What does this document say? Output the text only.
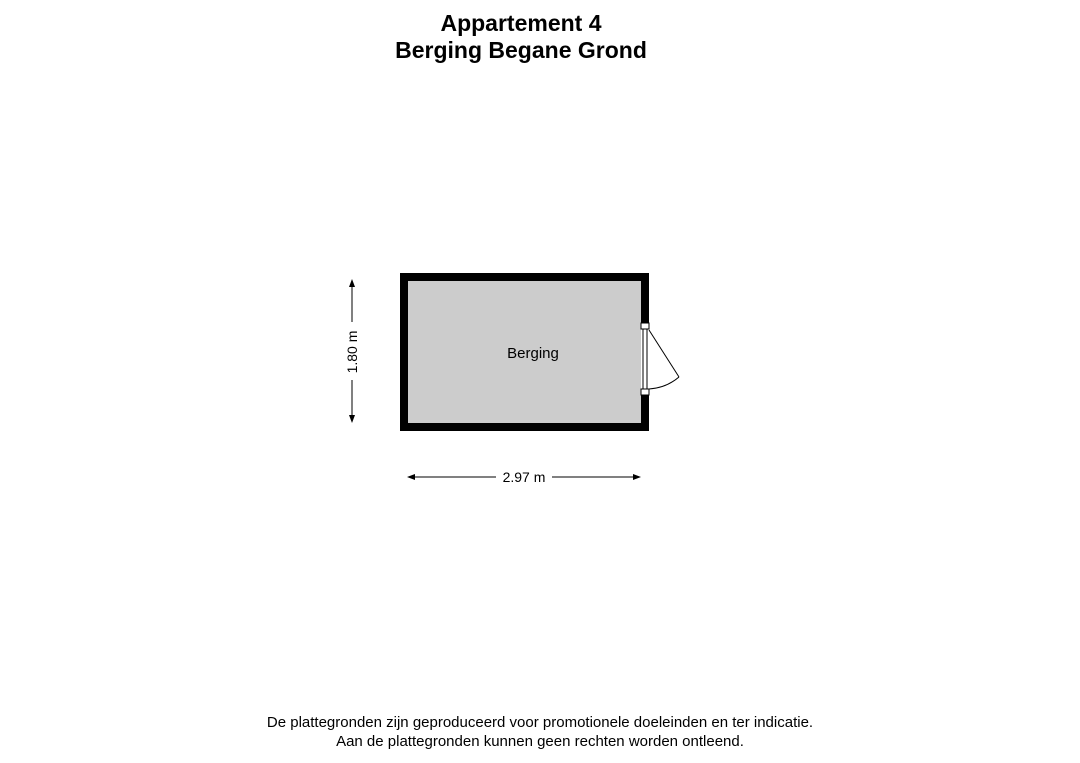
Appartement 4
Berging Begane Grond
Berging
2.97 m
1.80 m
De plattegronden zijn geproduceerd voor promotionele doeleinden en ter indicatie.
Aan de plattegronden kunnen geen rechten worden ontleend.
